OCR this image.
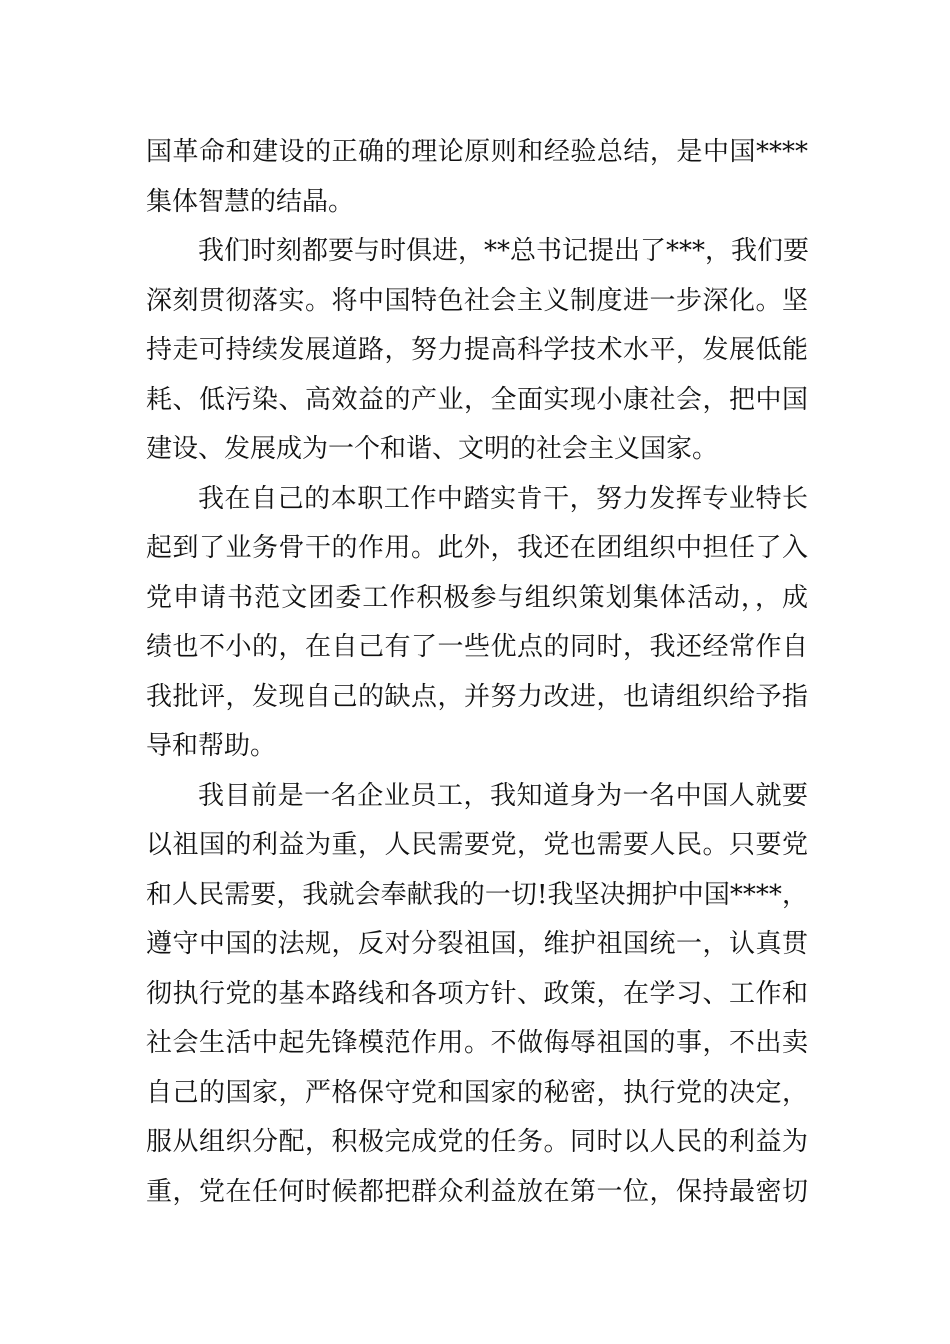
国革命和建设的正确的理论原则和经验总结，是中国****
集体智慧的结晶。
我们时刻都要与时俱进，**总书记提出了***，我们要
深刻贯彻落实。将中国特色社会主义制度进一步深化。坚
持走可持续发展道路，努力提高科学技术水平，发展低能
耗、低污染、高效益的产业，全面实现小康社会，把中国
建设、发展成为一个和谐、文明的社会主义国家。
我在自己的本职工作中踏实肯干，努力发挥专业特长
起到了业务骨干的作用。此外，我还在团组织中担任了入
党申请书范文团委工作积极参与组织策划集体活动，，成
绩也不小的，在自己有了一些优点的同时，我还经常作自
我批评，发现自己的缺点，并努力改进，也请组织给予指
导和帮助。
我目前是一名企业员工，我知道身为一名中国人就要
以祖国的利益为重，人民需要党，党也需要人民。只要党
和人民需要，我就会奉献我的一切!我坚决拥护中国****，
遵守中国的法规，反对分裂祖国，维护祖国统一，认真贯
彻执行党的基本路线和各项方针、政策，在学习、工作和
社会生活中起先锋模范作用。不做侮辱祖国的事，不出卖
自己的国家，严格保守党和国家的秘密，执行党的决定，
服从组织分配，积极完成党的任务。同时以人民的利益为
重，党在任何时候都把群众利益放在第一位，保持最密切
